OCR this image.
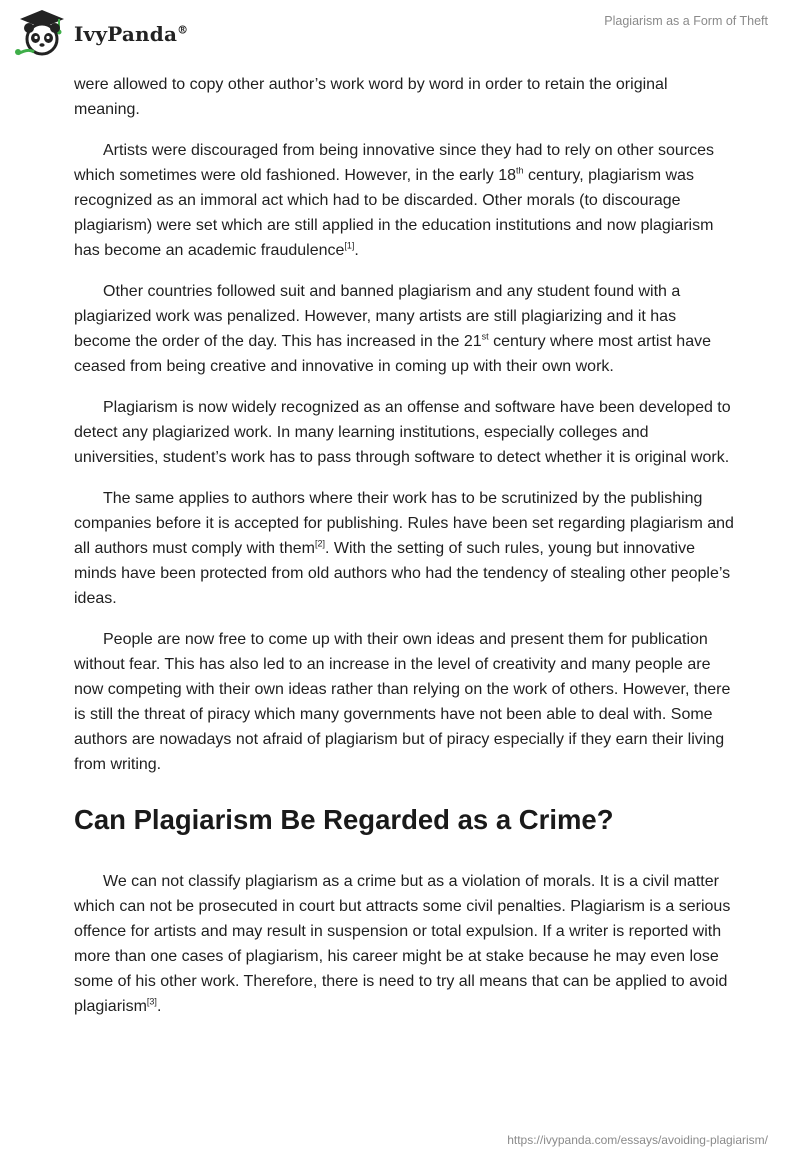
IvyPanda®
Plagiarism as a Form of Theft

were allowed to copy other author’s work word by word in order to retain the original meaning.

Artists were discouraged from being innovative since they had to rely on other sources which sometimes were old fashioned. However, in the early 18th century, plagiarism was recognized as an immoral act which had to be discarded. Other morals (to discourage plagiarism) were set which are still applied in the education institutions and now plagiarism has become an academic fraudulence[1].

Other countries followed suit and banned plagiarism and any student found with a plagiarized work was penalized. However, many artists are still plagiarizing and it has become the order of the day. This has increased in the 21st century where most artist have ceased from being creative and innovative in coming up with their own work.

Plagiarism is now widely recognized as an offense and software have been developed to detect any plagiarized work. In many learning institutions, especially colleges and universities, student’s work has to pass through software to detect whether it is original work.

The same applies to authors where their work has to be scrutinized by the publishing companies before it is accepted for publishing. Rules have been set regarding plagiarism and all authors must comply with them[2]. With the setting of such rules, young but innovative minds have been protected from old authors who had the tendency of stealing other people’s ideas.

People are now free to come up with their own ideas and present them for publication without fear. This has also led to an increase in the level of creativity and many people are now competing with their own ideas rather than relying on the work of others. However, there is still the threat of piracy which many governments have not been able to deal with. Some authors are nowadays not afraid of plagiarism but of piracy especially if they earn their living from writing.

Can Plagiarism Be Regarded as a Crime?

We can not classify plagiarism as a crime but as a violation of morals. It is a civil matter which can not be prosecuted in court but attracts some civil penalties. Plagiarism is a serious offence for artists and may result in suspension or total expulsion. If a writer is reported with more than one cases of plagiarism, his career might be at stake because he may even lose some of his other work. Therefore, there is need to try all means that can be applied to avoid plagiarism[3].

https://ivypanda.com/essays/avoiding-plagiarism/
